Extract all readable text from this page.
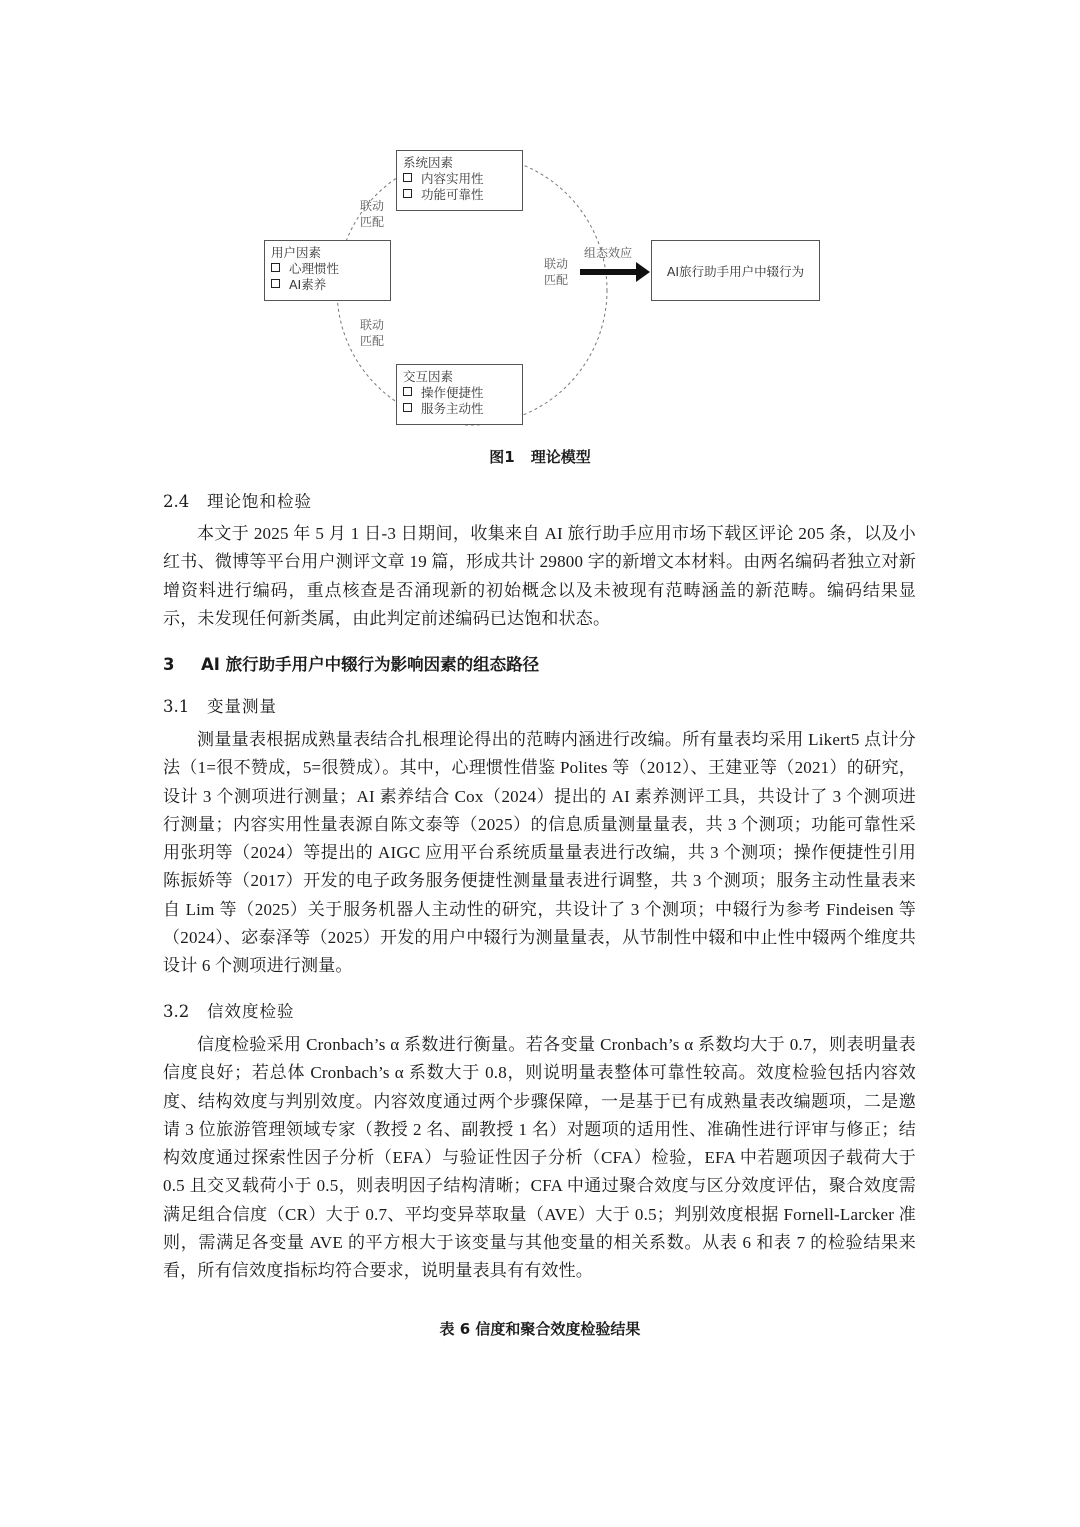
系统因素
内容实用性
功能可靠性
用户因素
心理惯性
AI素养
交互因素
操作便捷性
服务主动性
联动
匹配
联动
匹配
联动
匹配
组态效应
AI旅行助手用户中辍行为
图1 理论模型
2.4 理论饱和检验
本文于 2025 年 5 月 1 日-3 日期间，收集来自 AI 旅行助手应用市场下载区评论 205 条，以及小红书、微博等平台用户测评文章 19 篇，形成共计 29800 字的新增文本材料。由两名编码者独立对新增资料进行编码，重点核查是否涌现新的初始概念以及未被现有范畴涵盖的新范畴。编码结果显示，未发现任何新类属，由此判定前述编码已达饱和状态。
3 AI 旅行助手用户中辍行为影响因素的组态路径
3.1 变量测量
测量量表根据成熟量表结合扎根理论得出的范畴内涵进行改编。所有量表均采用 Likert5 点计分法（1=很不赞成，5=很赞成）。其中，心理惯性借鉴 Polites 等（2012）、王建亚等（2021）的研究，设计 3 个测项进行测量；AI 素养结合 Cox（2024）提出的 AI 素养测评工具，共设计了 3 个测项进行测量；内容实用性量表源自陈文泰等（2025）的信息质量测量量表，共 3 个测项；功能可靠性采用张玥等（2024）等提出的 AIGC 应用平台系统质量量表进行改编，共 3 个测项；操作便捷性引用陈振娇等（2017）开发的电子政务服务便捷性测量量表进行调整，共 3 个测项；服务主动性量表来自 Lim 等（2025）关于服务机器人主动性的研究，共设计了 3 个测项；中辍行为参考 Findeisen 等（2024）、宓泰泽等（2025）开发的用户中辍行为测量量表，从节制性中辍和中止性中辍两个维度共设计 6 个测项进行测量。
3.2 信效度检验
信度检验采用 Cronbach’s α 系数进行衡量。若各变量 Cronbach’s α 系数均大于 0.7，则表明量表信度良好；若总体 Cronbach’s α 系数大于 0.8，则说明量表整体可靠性较高。效度检验包括内容效度、结构效度与判别效度。内容效度通过两个步骤保障，一是基于已有成熟量表改编题项，二是邀请 3 位旅游管理领域专家（教授 2 名、副教授 1 名）对题项的适用性、准确性进行评审与修正；结构效度通过探索性因子分析（EFA）与验证性因子分析（CFA）检验，EFA 中若题项因子载荷大于 0.5 且交叉载荷小于 0.5，则表明因子结构清晰；CFA 中通过聚合效度与区分效度评估，聚合效度需满足组合信度（CR）大于 0.7、平均变异萃取量（AVE）大于 0.5；判别效度根据 Fornell-Larcker 准则，需满足各变量 AVE 的平方根大于该变量与其他变量的相关系数。从表 6 和表 7 的检验结果来看，所有信效度指标均符合要求，说明量表具有有效性。
表 6 信度和聚合效度检验结果
